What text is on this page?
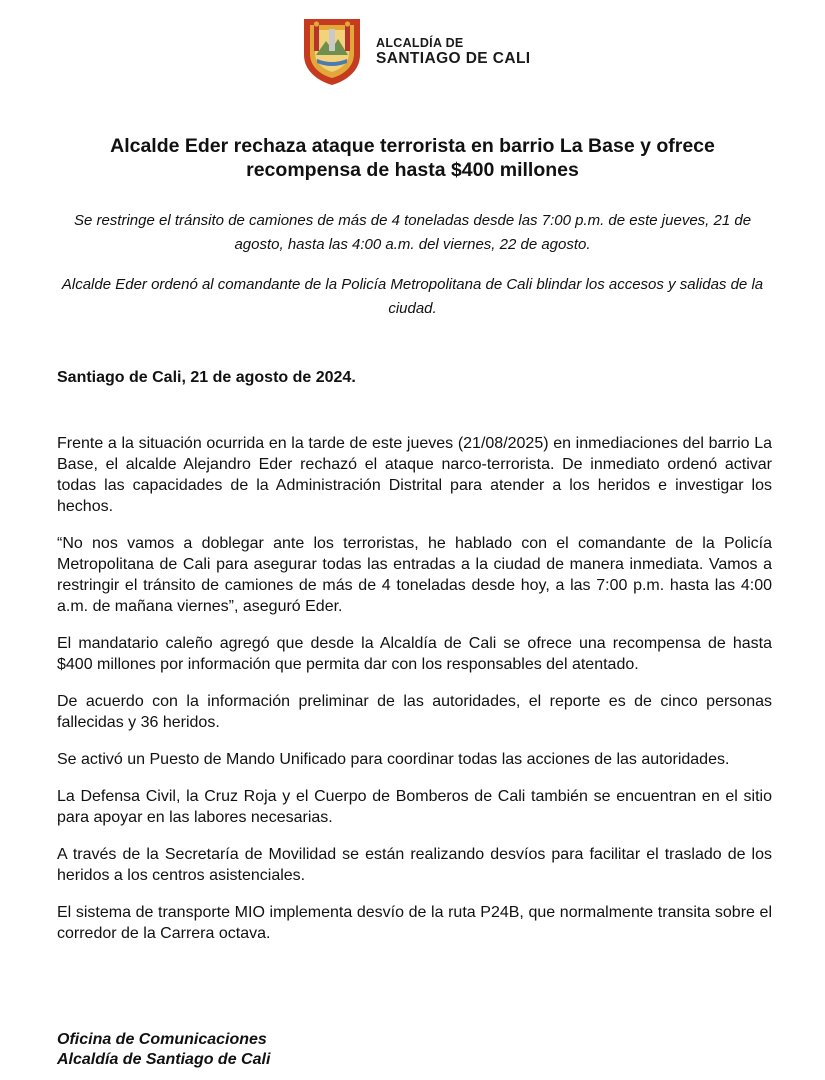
ALCALDÍA DE
SANTIAGO DE CALI
Alcalde Eder rechaza ataque terrorista en barrio La Base y ofrece
recompensa de hasta $400 millones

Se restringe el tránsito de camiones de más de 4 toneladas desde las 7:00 p.m. de este jueves, 21 de agosto, hasta las 4:00 a.m. del viernes, 22 de agosto.

Alcalde Eder ordenó al comandante de la Policía Metropolitana de Cali blindar los accesos y salidas de la ciudad.

Santiago de Cali, 21 de agosto de 2024.

Frente a la situación ocurrida en la tarde de este jueves (21/08/2025) en inmediaciones del barrio La Base, el alcalde Alejandro Eder rechazó el ataque narco-terrorista. De inmediato ordenó activar todas las capacidades de la Administración Distrital para atender a los heridos e investigar los hechos.

“No nos vamos a doblegar ante los terroristas, he hablado con el comandante de la Policía Metropolitana de Cali para asegurar todas las entradas a la ciudad de manera inmediata. Vamos a restringir el tránsito de camiones de más de 4 toneladas desde hoy, a las 7:00 p.m. hasta las 4:00 a.m. de mañana viernes”, aseguró Eder.

El mandatario caleño agregó que desde la Alcaldía de Cali se ofrece una recompensa de hasta $400 millones por información que permita dar con los responsables del atentado.

De acuerdo con la información preliminar de las autoridades, el reporte es de cinco personas fallecidas y 36 heridos.

Se activó un Puesto de Mando Unificado para coordinar todas las acciones de las autoridades.

La Defensa Civil, la Cruz Roja y el Cuerpo de Bomberos de Cali también se encuentran en el sitio para apoyar en las labores necesarias.

A través de la Secretaría de Movilidad se están realizando desvíos para facilitar el traslado de los heridos a los centros asistenciales.

El sistema de transporte MIO implementa desvío de la ruta P24B, que normalmente transita sobre el corredor de la Carrera octava.

Oficina de Comunicaciones

Alcaldía de Santiago de Cali
